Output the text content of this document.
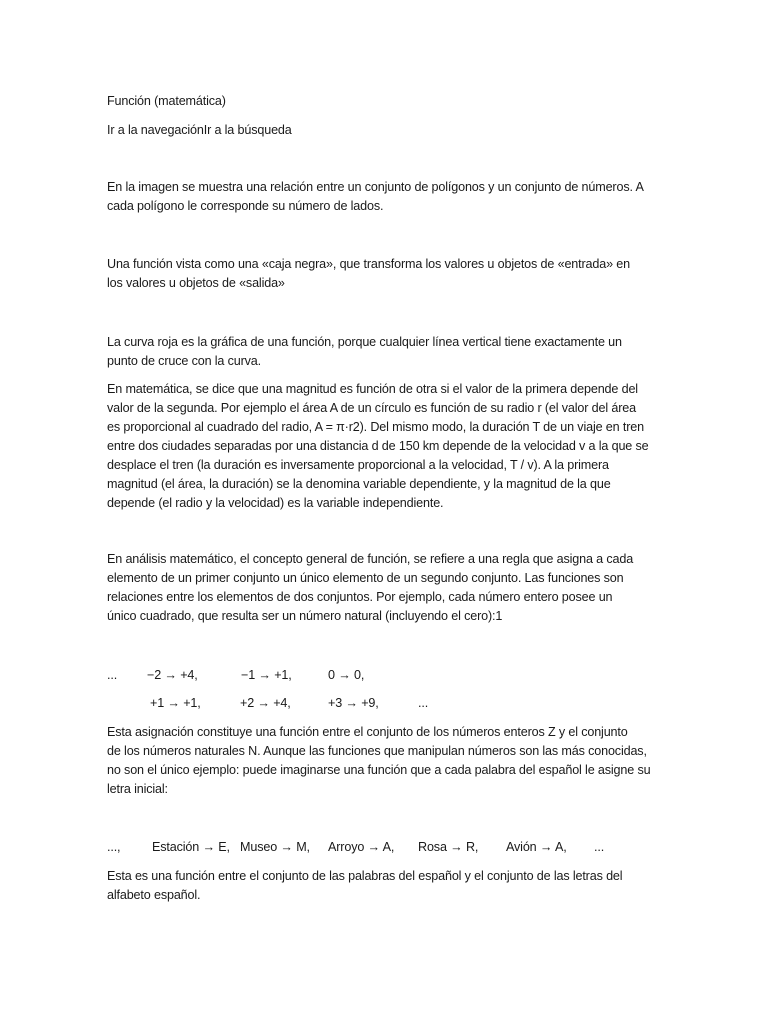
Función (matemática)

Ir a la navegaciónIr a la búsqueda

En la imagen se muestra una relación entre un conjunto de polígonos y un conjunto de números. A
cada polígono le corresponde su número de lados.

Una función vista como una «caja negra», que transforma los valores u objetos de «entrada» en
los valores u objetos de «salida»

La curva roja es la gráfica de una función, porque cualquier línea vertical tiene exactamente un
punto de cruce con la curva.

En matemática, se dice que una magnitud es función de otra si el valor de la primera depende del
valor de la segunda. Por ejemplo el área A de un círculo es función de su radio r (el valor del área
es proporcional al cuadrado del radio, A = π·r2). Del mismo modo, la duración T de un viaje en tren
entre dos ciudades separadas por una distancia d de 150 km depende de la velocidad v a la que se
desplace el tren (la duración es inversamente proporcional a la velocidad, T / v). A la primera
magnitud (el área, la duración) se la denomina variable dependiente, y la magnitud de la que
depende (el radio y la velocidad) es la variable independiente.

En análisis matemático, el concepto general de función, se refiere a una regla que asigna a cada
elemento de un primer conjunto un único elemento de un segundo conjunto. Las funciones son
relaciones entre los elementos de dos conjuntos. Por ejemplo, cada número entero posee un
único cuadrado, que resulta ser un número natural (incluyendo el cero):1

... −2 → +4,	−1 → +1,	0 → 0,
+1 → +1,	+2 → +4,	+3 → +9,	...

Esta asignación constituye una función entre el conjunto de los números enteros Z y el conjunto
de los números naturales N. Aunque las funciones que manipulan números son las más conocidas,
no son el único ejemplo: puede imaginarse una función que a cada palabra del español le asigne su
letra inicial:

...,	Estación → E, Museo → M, Arroyo → A, Rosa → R, Avión → A, ...

Esta es una función entre el conjunto de las palabras del español y el conjunto de las letras del
alfabeto español.
